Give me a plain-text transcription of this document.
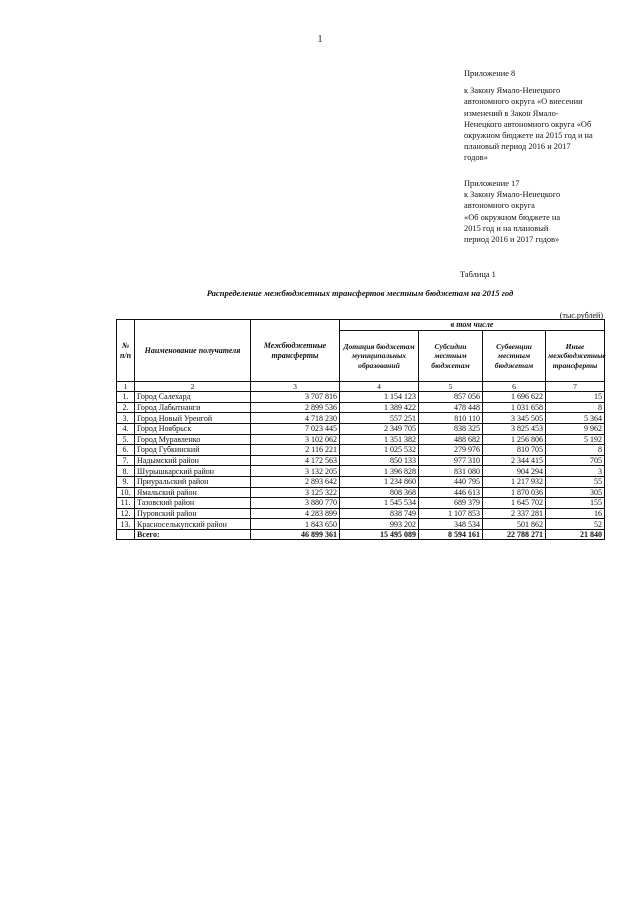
1

Приложение 8

к Закону Ямало-Ненецкого

автономного округа «О внесении

изменений в Закон Ямало-

Ненецкого автономного округа «Об

окружном бюджете на 2015 год и на

плановый период 2016 и 2017

годов»

Приложение 17

к Закону Ямало-Ненецкого

автономного округа

«Об окружном бюджете на

2015 год и на плановый

период 2016 и 2017 годов»

Таблица 1
Распределение межбюджетных трансфертов местным бюджетам на 2015 год
(тыс.рублей)
№ п/п	Наименование получателя	Межбюджетные трансферты	в том числе			
			Дотация бюджетам муниципальных образований	Субсидии местным бюджетам	Субвенции местным бюджетам	Иные межбюджетные трансферты
1	2	3	4	5	6	7
1.	Город Салехард	3 707 816	1 154 123	857 056	1 696 622	15
2.	Город Лабытнанги	2 899 536	1 389 422	478 448	1 031 658	8
3.	Город Новый Уренгой	4 718 230	557 251	810 110	3 345 505	5 364
4.	Город Ноябрьск	7 023 445	2 349 705	838 325	3 825 453	9 962
5.	Город Муравленко	3 102 062	1 351 382	488 682	1 256 806	5 192
6.	Город Губкинский	2 116 221	1 025 532	279 976	810 705	8
7.	Надымский район	4 172 563	850 133	977 310	2 344 415	705
8.	Шурышкарский район	3 132 205	1 396 828	831 080	904 294	3
9.	Приуральский район	2 893 642	1 234 860	440 795	1 217 932	55
10.	Ямальский район	3 125 322	808 368	446 613	1 870 036	305
11.	Тазовский район	3 880 770	1 545 534	689 379	1 645 702	155
12.	Пуровский район	4 283 899	838 749	1 107 853	2 337 281	16
13.	Красноселькупский район	1 843 650	993 202	348 534	501 862	52
	Всего:	46 899 361	15 495 089	8 594 161	22 788 271	21 840
